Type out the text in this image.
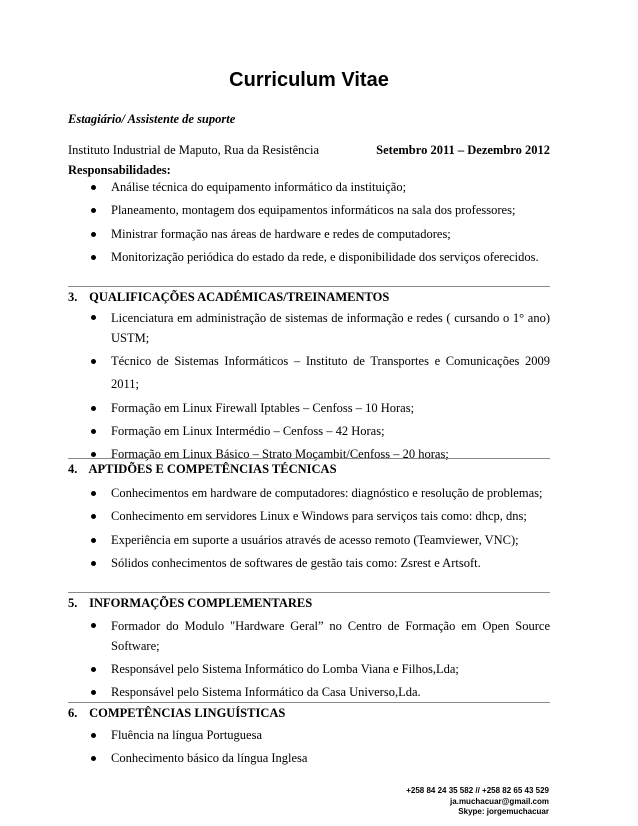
Curriculum Vitae
Estagiário/ Assistente de suporte
Instituto Industrial de Maputo, Rua da Resistência	Setembro 2011 – Dezembro 2012
Responsabilidades:
Análise técnica do equipamento informático da instituição;
Planeamento, montagem dos equipamentos informáticos na sala dos professores;
Ministrar formação nas áreas de hardware e redes de computadores;
Monitorização periódica do estado da rede, e disponibilidade dos serviços oferecidos.
3. QUALIFICAÇÕES ACADÉMICAS/TREINAMENTOS
Licenciatura em administração de sistemas de informação e redes ( cursando o 1° ano) USTM;
Técnico de Sistemas Informáticos – Instituto de Transportes e Comunicações 2009 2011;
Formação em Linux Firewall Iptables – Cenfoss – 10 Horas;
Formação em Linux Intermédio – Cenfoss – 42 Horas;
Formação em Linux Básico – Strato Moçambit/Cenfoss – 20 horas;
4. APTIDÕES E COMPETÊNCIAS TÉCNICAS
Conhecimentos em hardware de computadores: diagnóstico e resolução de problemas;
Conhecimento em servidores Linux e Windows para serviços tais como: dhcp, dns;
Experiência em suporte a usuários através de acesso remoto (Teamviewer, VNC);
Sólidos conhecimentos de softwares de gestão tais como: Zsrest e Artsoft.
5. INFORMAÇÕES COMPLEMENTARES
Formador do Modulo "Hardware Geral” no Centro de Formação em Open Source Software;
Responsável pelo Sistema Informático do Lomba Viana e Filhos,Lda;
Responsável pelo Sistema Informático da Casa Universo,Lda.
6. COMPETÊNCIAS LINGUÍSTICAS
Fluência na língua Portuguesa
Conhecimento básico da língua Inglesa
+258 84 24 35 582 // +258 82 65 43 529
ja.muchacuar@gmail.com
Skype: jorgemuchacuar
